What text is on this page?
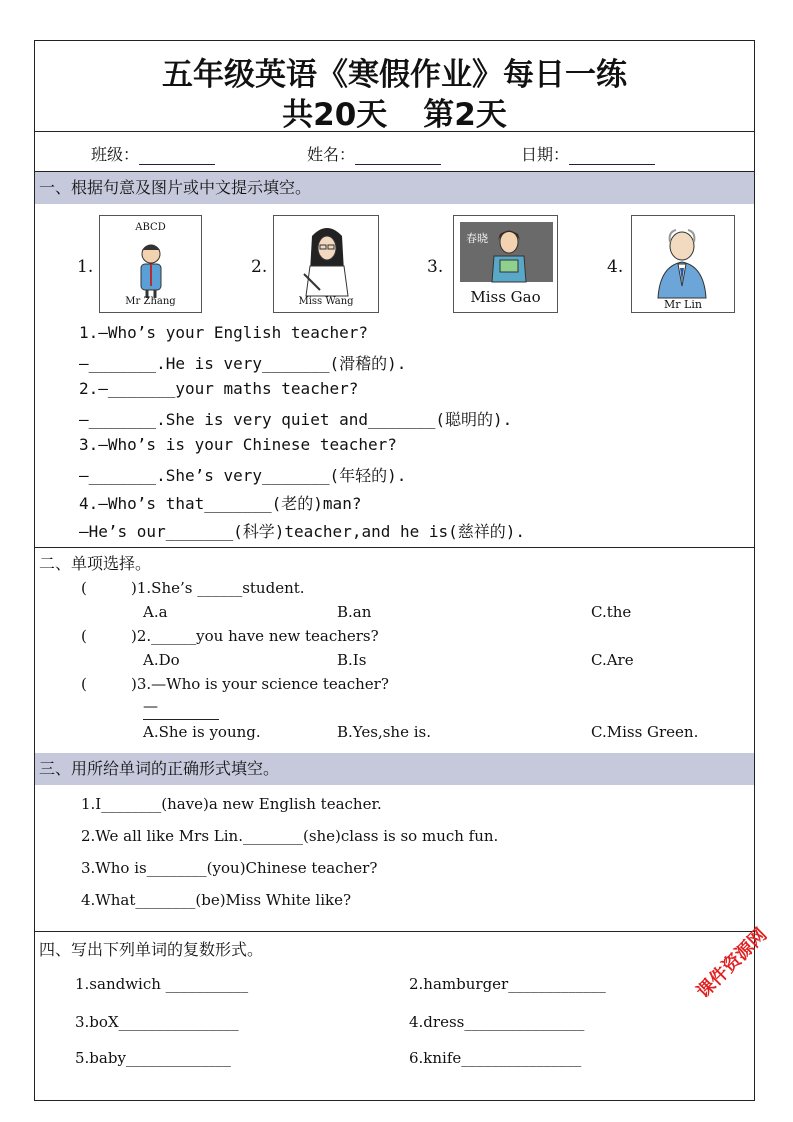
五年级英语《寒假作业》每日一练
共20天 第2天
班级：	姓名：	日期：
一、根据句意及图片或中文提示填空。
1.
ABCD
Mr Zhang
2.
Miss Wang
3.
春晓
Miss Gao
4.
Mr Lin
1.—Who’s your English teacher?
—_______.He is very_______(滑稽的).
2.—_______your maths teacher?
—_______.She is very quiet and_______(聪明的).
3.—Who’s is your Chinese teacher?
—_______.She’s very_______(年轻的).
4.—Who’s that_______(老的)man?
—He’s our_______(科学)teacher,and he is(慈祥的).
二、单项选择。
(	)1.She’s ______student.
A.a	B.an	C.the
(	)2.______you have new teachers?
A.Do	B.Is	C.Are
(	)3.—Who is your science teacher?
—
A.She is young.	B.Yes,she is.	C.Miss Green.
三、用所给单词的正确形式填空。
1.I________(have)a new English teacher.
2.We all like Mrs Lin.________(she)class is so much fun.
3.Who is________(you)Chinese teacher?
4.What________(be)Miss White like?
四、写出下列单词的复数形式。
1.sandwich ___________	2.hamburger_____________
3.boX________________	4.dress________________
5.baby______________	6.knife________________
课件资源网
